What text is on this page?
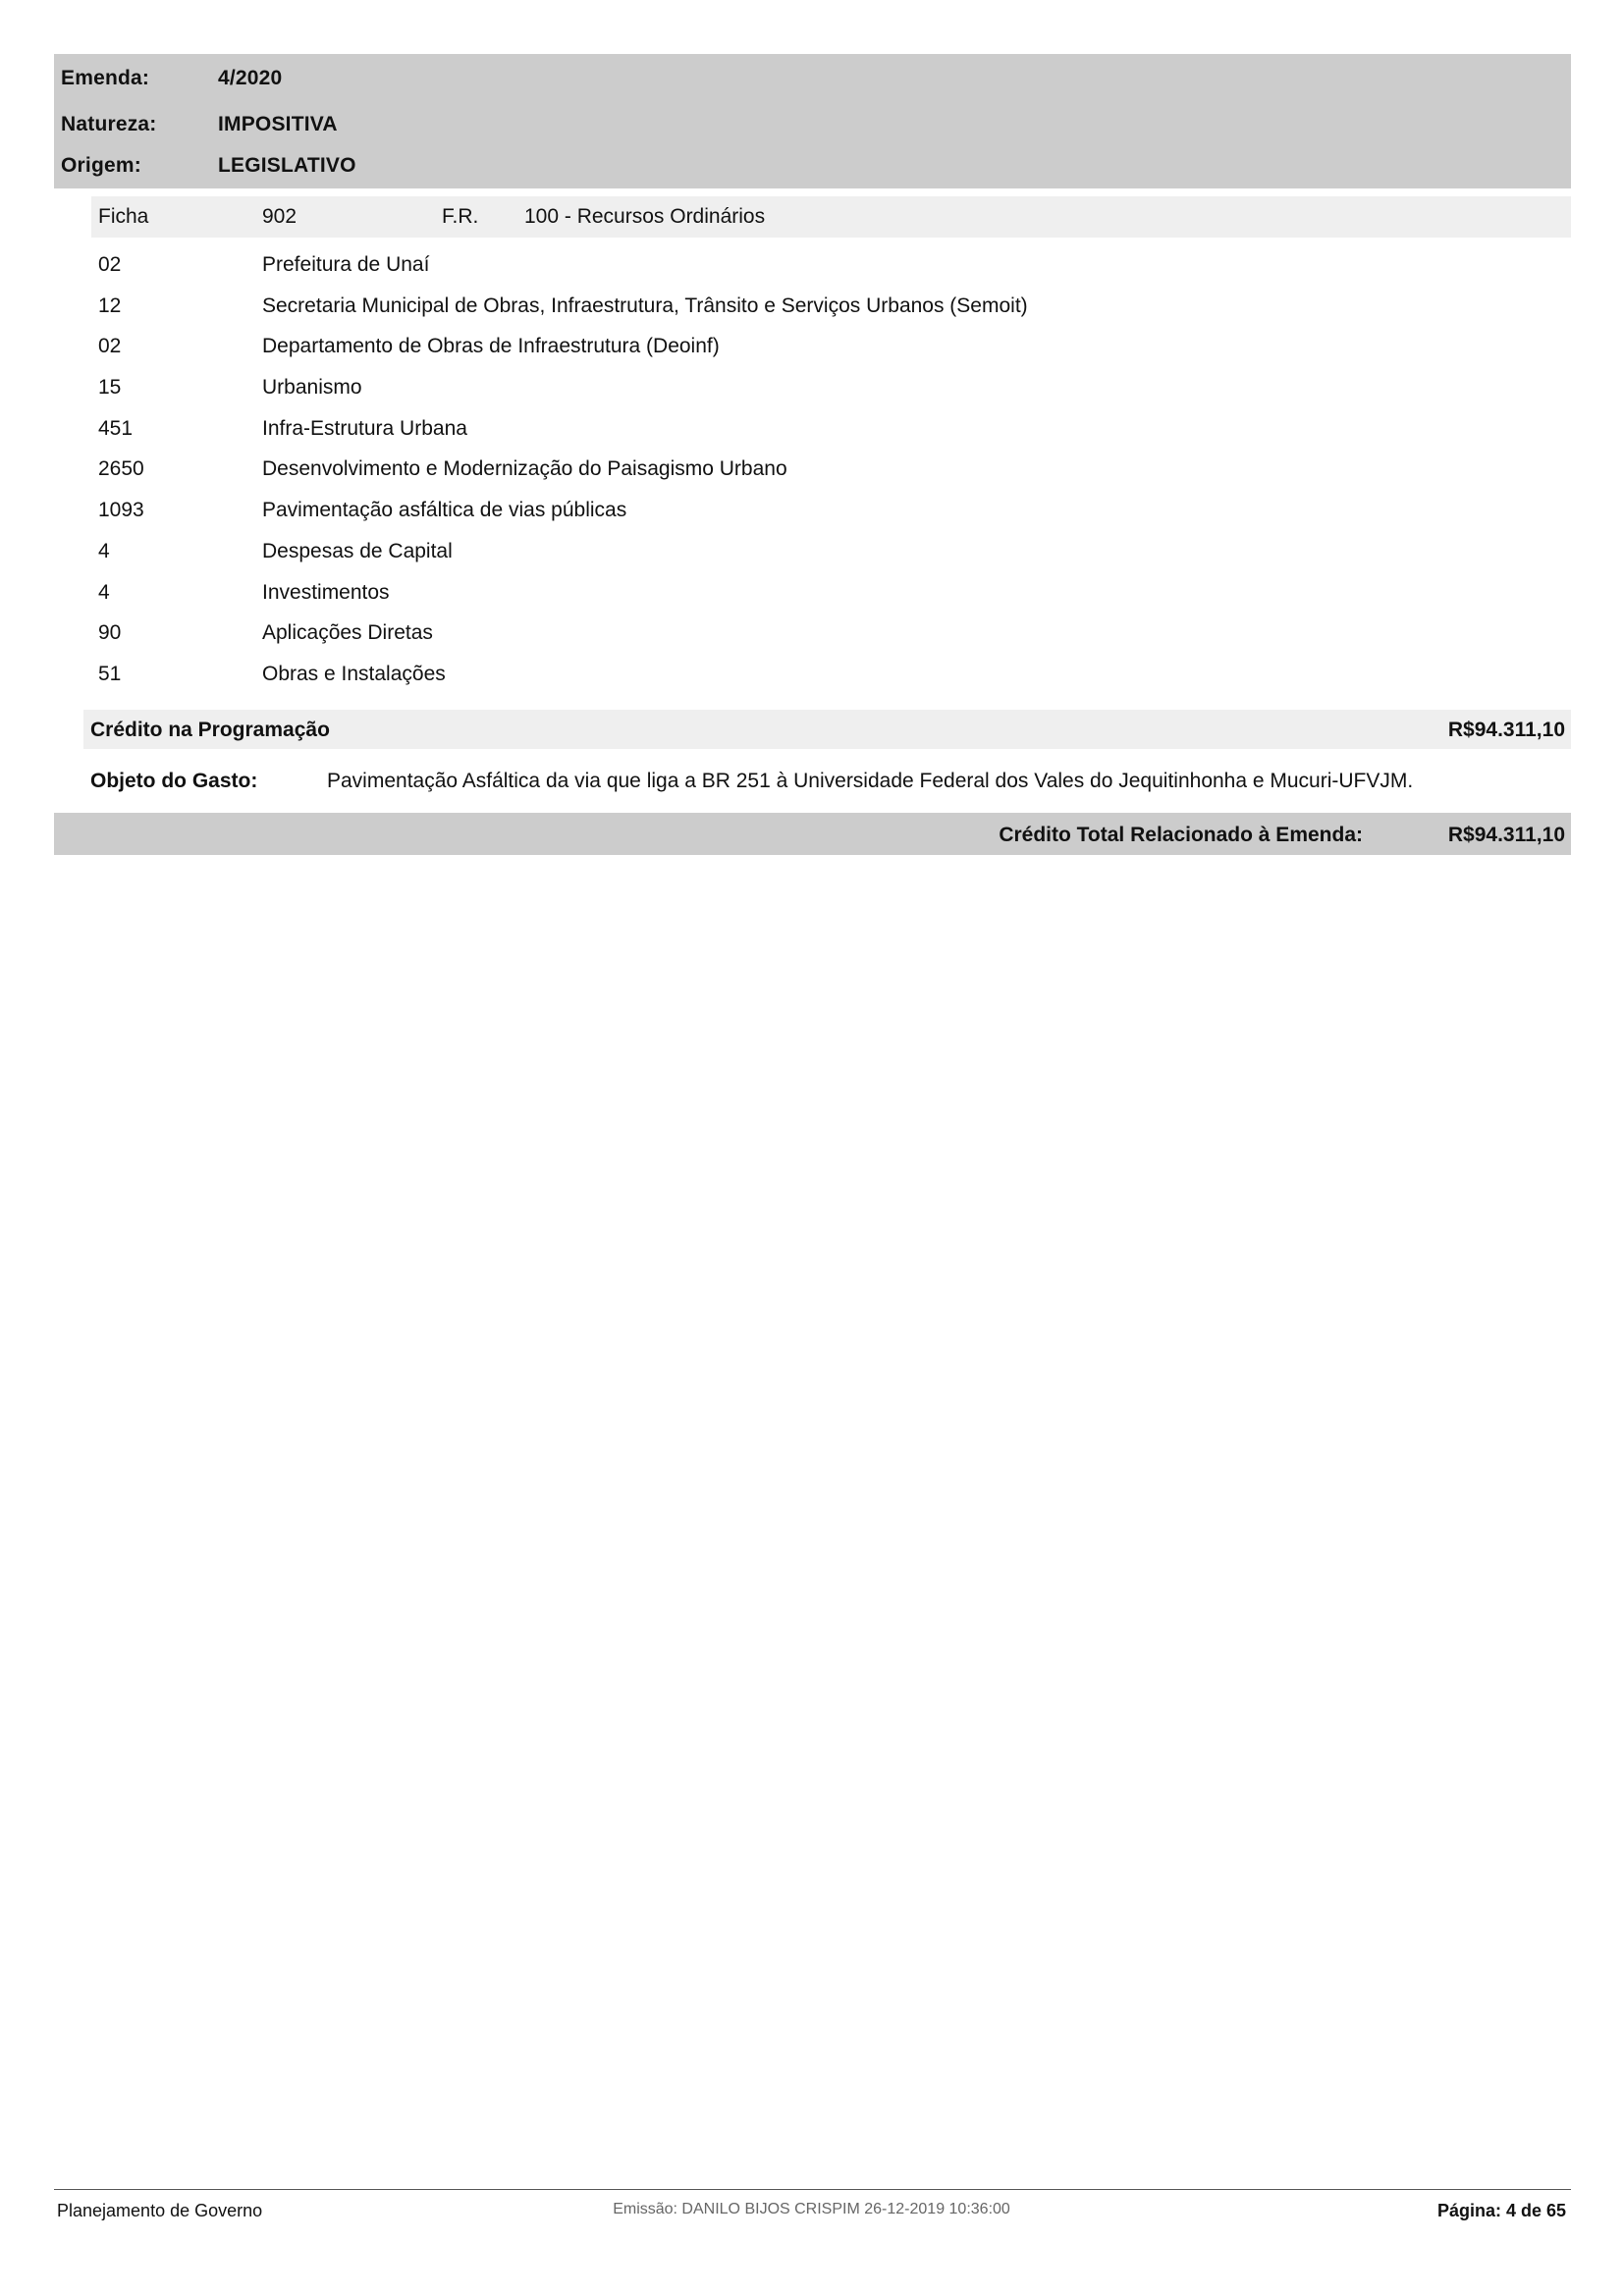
Emenda:	4/2020
Natureza:	IMPOSITIVA
Origem:	LEGISLATIVO
Ficha	902	F.R. 100 - Recursos Ordinários
02	Prefeitura de Unaí
12	Secretaria Municipal de Obras, Infraestrutura, Trânsito e Serviços Urbanos (Semoit)
02	Departamento de Obras de Infraestrutura (Deoinf)
15	Urbanismo
451	Infra-Estrutura Urbana
2650	Desenvolvimento e Modernização do Paisagismo Urbano
1093	Pavimentação asfáltica de vias públicas
4	Despesas de Capital
4	Investimentos
90	Aplicações Diretas
51	Obras e Instalações
Crédito na Programação	R$94.311,10
Objeto do Gasto:	Pavimentação Asfáltica da via que liga a BR 251 à Universidade Federal dos Vales do Jequitinhonha e Mucuri-UFVJM.
Crédito Total Relacionado à Emenda:	R$94.311,10
Planejamento de Governo	Emissão: DANILO BIJOS CRISPIM 26-12-2019 10:36:00	Página: 4 de 65
